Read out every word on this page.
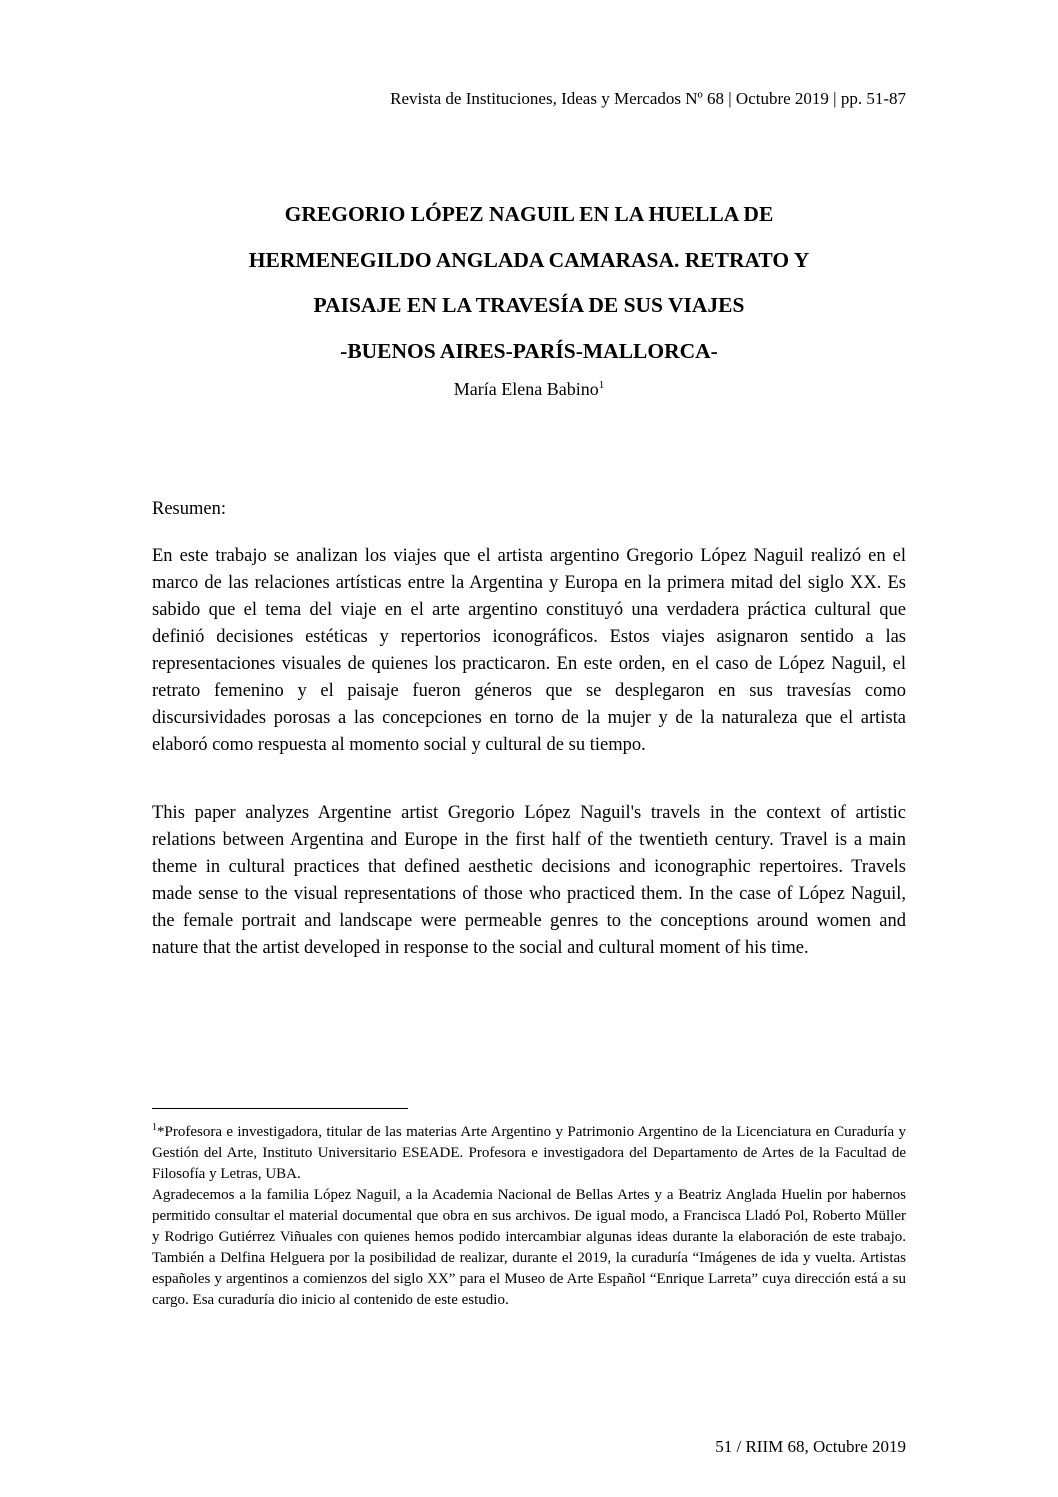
Revista de Instituciones, Ideas y Mercados Nº 68 | Octubre 2019 | pp. 51-87
GREGORIO LÓPEZ NAGUIL EN LA HUELLA DE
HERMENEGILDO ANGLADA CAMARASA. RETRATO Y
PAISAJE EN LA TRAVESÍA DE SUS VIAJES
-BUENOS AIRES-PARÍS-MALLORCA-
María Elena Babino$^1$
Resumen:

En este trabajo se analizan los viajes que el artista argentino Gregorio López Naguil realizó en el marco de las relaciones artísticas entre la Argentina y Europa en la primera mitad del siglo XX. Es sabido que el tema del viaje en el arte argentino constituyó una verdadera práctica cultural que definió decisiones estéticas y repertorios iconográficos. Estos viajes asignaron sentido a las representaciones visuales de quienes los practicaron. En este orden, en el caso de López Naguil, el retrato femenino y el paisaje fueron géneros que se desplegaron en sus travesías como discursividades porosas a las concepciones en torno de la mujer y de la naturaleza que el artista elaboró como respuesta al momento social y cultural de su tiempo.

This paper analyzes Argentine artist Gregorio López Naguil's travels in the context of artistic relations between Argentina and Europe in the first half of the twentieth century. Travel is a main theme in cultural practices that defined aesthetic decisions and iconographic repertoires. Travels made sense to the visual representations of those who practiced them. In the case of López Naguil, the female portrait and landscape were permeable genres to the conceptions around women and nature that the artist developed in response to the social and cultural moment of his time.

$^1$*Profesora e investigadora, titular de las materias Arte Argentino y Patrimonio Argentino de la Licenciatura en Curaduría y Gestión del Arte, Instituto Universitario ESEADE. Profesora e investigadora del Departamento de Artes de la Facultad de Filosofía y Letras, UBA.

Agradecemos a la familia López Naguil, a la Academia Nacional de Bellas Artes y a Beatriz Anglada Huelin por habernos permitido consultar el material documental que obra en sus archivos. De igual modo, a Francisca Lladó Pol, Roberto Müller y Rodrigo Gutiérrez Viñuales con quienes hemos podido intercambiar algunas ideas durante la elaboración de este trabajo. También a Delfina Helguera por la posibilidad de realizar, durante el 2019, la curaduría “Imágenes de ida y vuelta. Artistas españoles y argentinos a comienzos del siglo XX” para el Museo de Arte Español “Enrique Larreta” cuya dirección está a su cargo. Esa curaduría dio inicio al contenido de este estudio.

51 / RIIM 68, Octubre 2019
